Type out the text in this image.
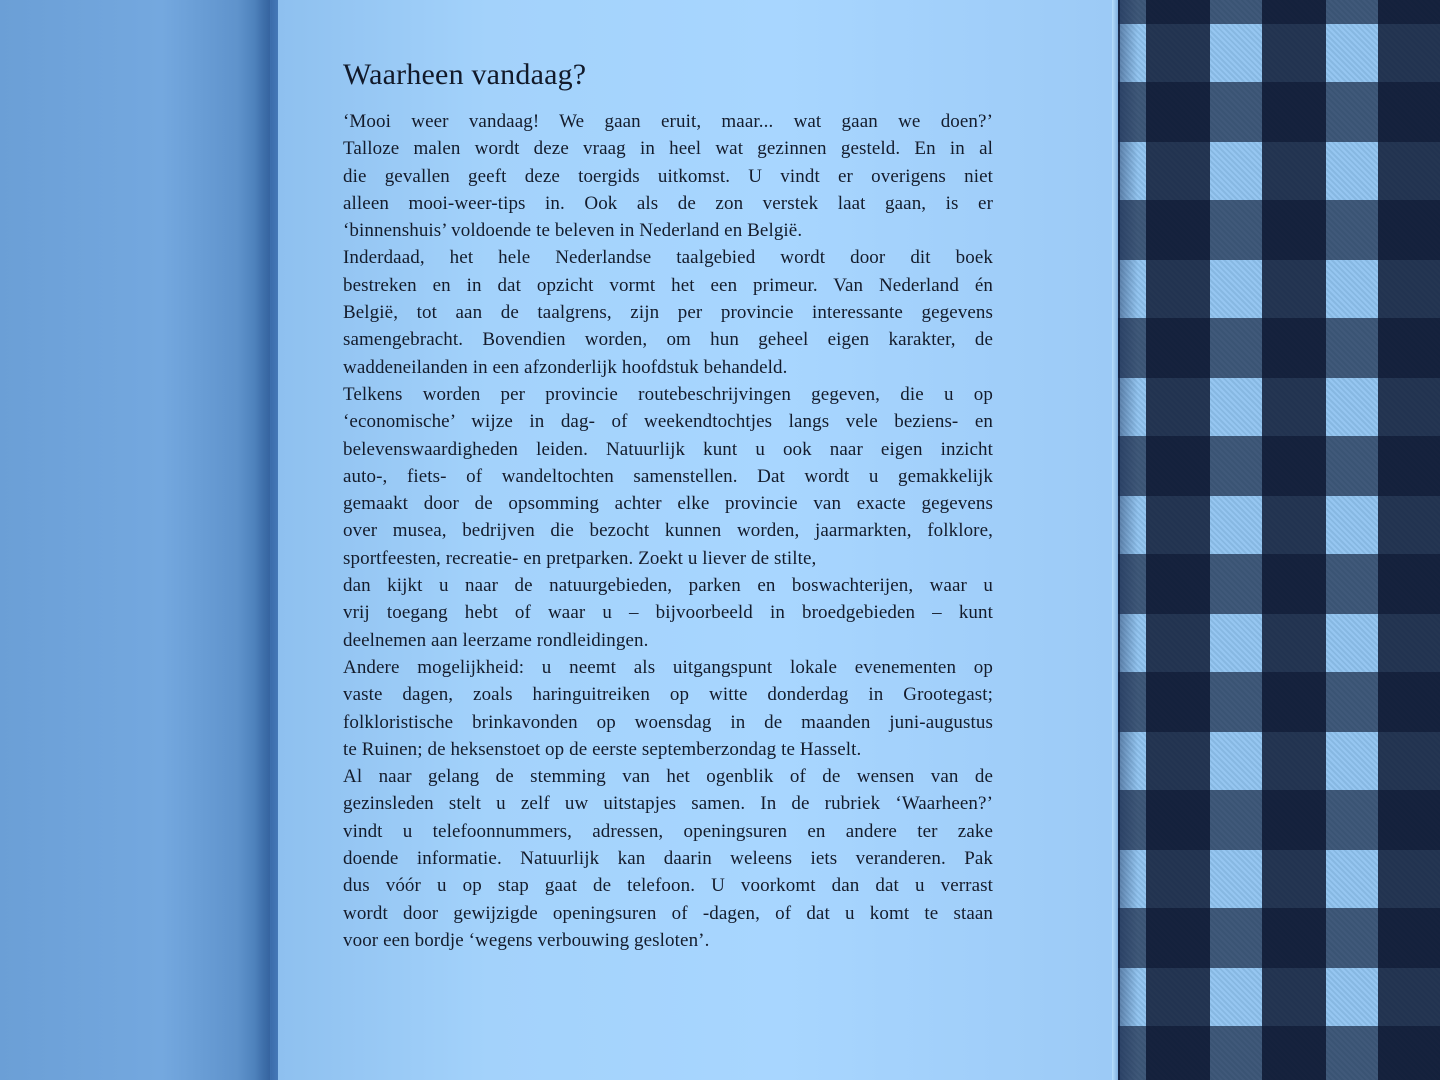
Waarheen vandaag?
‘Mooi weer vandaag! We gaan eruit, maar... wat gaan we doen?’
Talloze malen wordt deze vraag in heel wat gezinnen gesteld. En in al
die gevallen geeft deze toergids uitkomst. U vindt er overigens niet
alleen mooi-weer-tips in. Ook als de zon verstek laat gaan, is er
‘binnenshuis’ voldoende te beleven in Nederland en België.
Inderdaad, het hele Nederlandse taalgebied wordt door dit boek
bestreken en in dat opzicht vormt het een primeur. Van Nederland én
België, tot aan de taalgrens, zijn per provincie interessante gegevens
samengebracht. Bovendien worden, om hun geheel eigen karakter, de
waddeneilanden in een afzonderlijk hoofdstuk behandeld.
Telkens worden per provincie routebeschrijvingen gegeven, die u op
‘economische’ wijze in dag- of weekendtochtjes langs vele beziens- en
belevenswaardigheden leiden. Natuurlijk kunt u ook naar eigen inzicht
auto-, fiets- of wandeltochten samenstellen. Dat wordt u gemakkelijk
gemaakt door de opsomming achter elke provincie van exacte gegevens
over musea, bedrijven die bezocht kunnen worden, jaarmarkten, folklore,
sportfeesten, recreatie- en pretparken. Zoekt u liever de stilte,
dan kijkt u naar de natuurgebieden, parken en boswachterijen, waar u
vrij toegang hebt of waar u – bijvoorbeeld in broedgebieden – kunt
deelnemen aan leerzame rondleidingen.
Andere mogelijkheid: u neemt als uitgangspunt lokale evenementen op
vaste dagen, zoals haringuitreiken op witte donderdag in Grootegast;
folkloristische brinkavonden op woensdag in de maanden juni-augustus
te Ruinen; de heksenstoet op de eerste septemberzondag te Hasselt.
Al naar gelang de stemming van het ogenblik of de wensen van de
gezinsleden stelt u zelf uw uitstapjes samen. In de rubriek ‘Waarheen?’
vindt u telefoonnummers, adressen, openingsuren en andere ter zake
doende informatie. Natuurlijk kan daarin weleens iets veranderen. Pak
dus vóór u op stap gaat de telefoon. U voorkomt dan dat u verrast
wordt door gewijzigde openingsuren of -dagen, of dat u komt te staan
voor een bordje ‘wegens verbouwing gesloten’.
